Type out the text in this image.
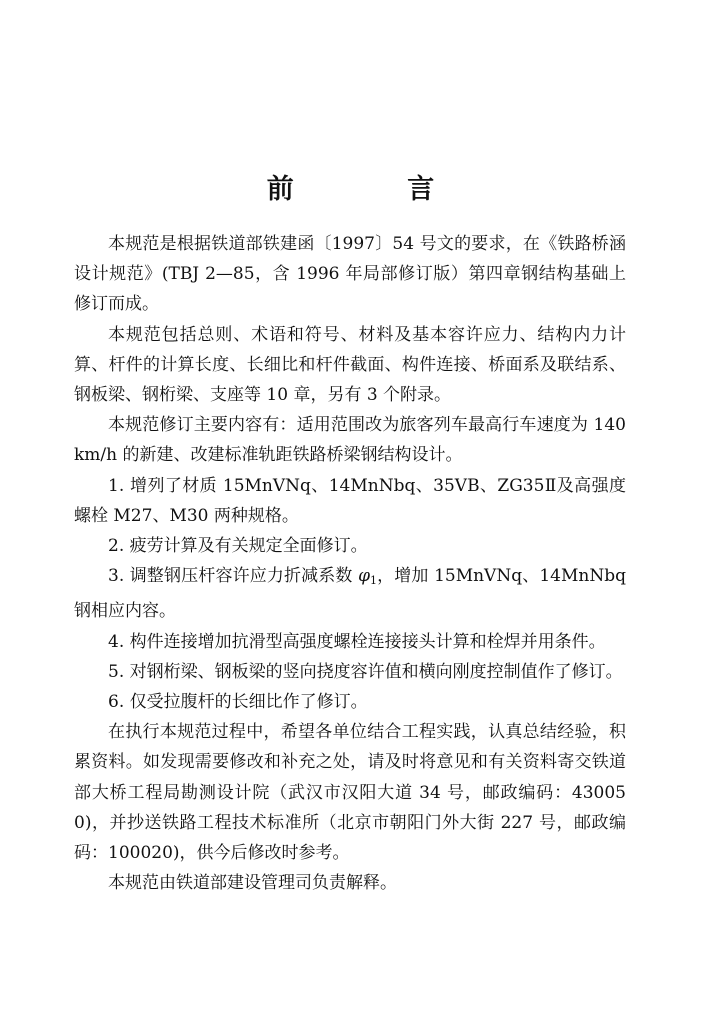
前 言

本规范是根据铁道部铁建函〔1997〕54 号文的要求，在《铁路桥涵设计规范》(TBJ 2—85，含 1996 年局部修订版）第四章钢结构基础上修订而成。

本规范包括总则、术语和符号、材料及基本容许应力、结构内力计算、杆件的计算长度、长细比和杆件截面、构件连接、桥面系及联结系、钢板梁、钢桁梁、支座等 10 章，另有 3 个附录。

本规范修订主要内容有：适用范围改为旅客列车最高行车速度为 140 km/h 的新建、改建标准轨距铁路桥梁钢结构设计。

1. 增列了材质 15MnVNq、14MnNbq、35VB、ZG35Ⅱ及高强度螺栓 M27、M30 两种规格。

2. 疲劳计算及有关规定全面修订。

3. 调整钢压杆容许应力折减系数 $\varphi_1$，增加 15MnVNq、14MnNbq 钢相应内容。

4. 构件连接增加抗滑型高强度螺栓连接接头计算和栓焊并用条件。

5. 对钢桁梁、钢板梁的竖向挠度容许值和横向刚度控制值作了修订。

6. 仅受拉腹杆的长细比作了修订。

在执行本规范过程中，希望各单位结合工程实践，认真总结经验，积累资料。如发现需要修改和补充之处，请及时将意见和有关资料寄交铁道部大桥工程局勘测设计院（武汉市汉阳大道 34 号，邮政编码：430050)，并抄送铁路工程技术标准所（北京市朝阳门外大街 227 号，邮政编码：100020)，供今后修改时参考。

本规范由铁道部建设管理司负责解释。
